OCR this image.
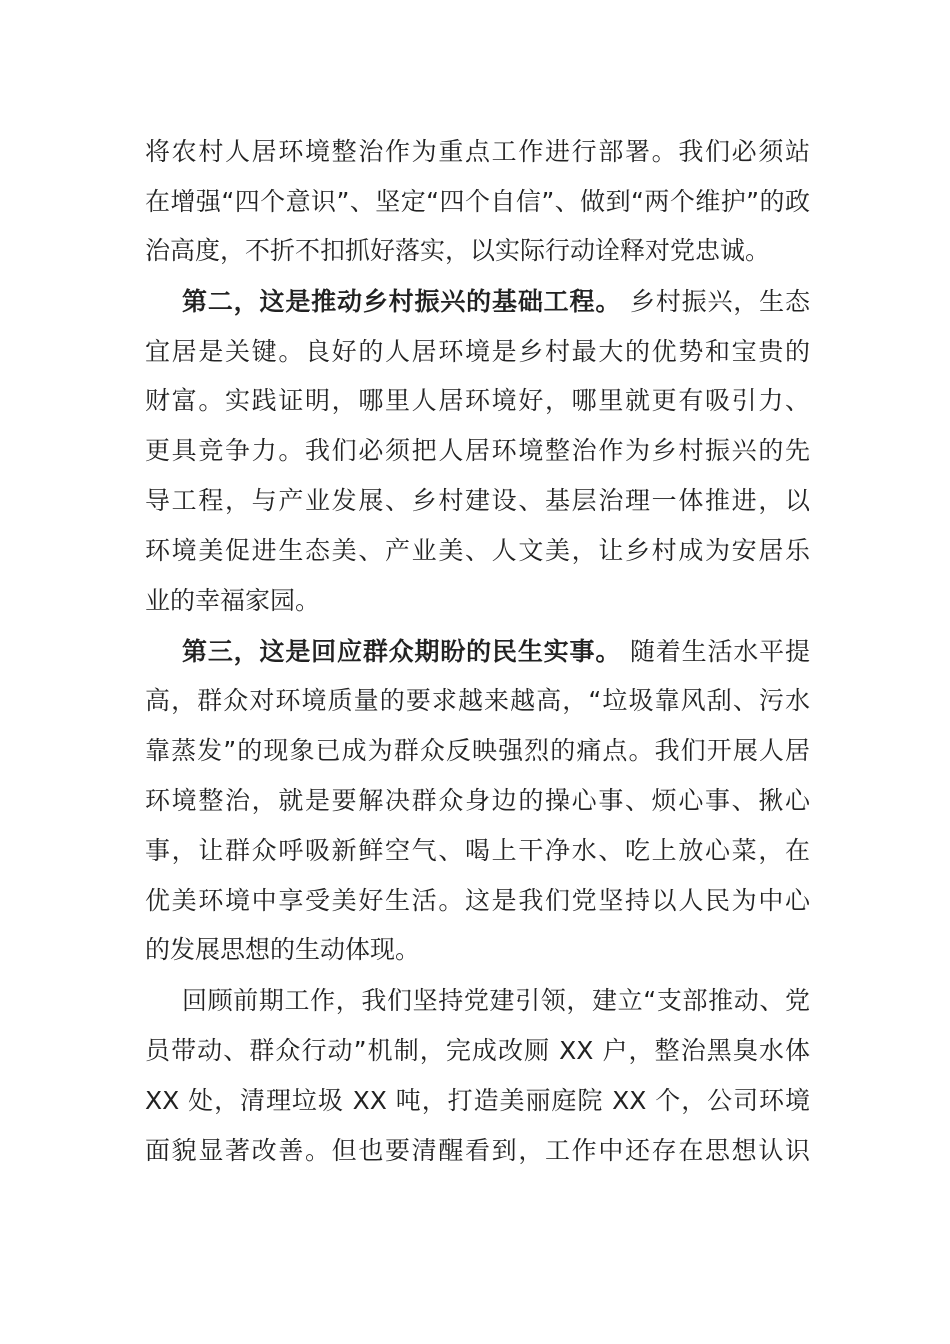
将农村人居环境整治作为重点工作进行部署。我们必须站
在增强“四个意识”、坚定“四个自信”、做到“两个维护”的政
治高度，不折不扣抓好落实，以实际行动诠释对党忠诚。
第二，这是推动乡村振兴的基础工程。 乡村振兴，生态
宜居是关键。良好的人居环境是乡村最大的优势和宝贵的
财富。实践证明，哪里人居环境好，哪里就更有吸引力、
更具竞争力。我们必须把人居环境整治作为乡村振兴的先
导工程，与产业发展、乡村建设、基层治理一体推进，以
环境美促进生态美、产业美、人文美，让乡村成为安居乐
业的幸福家园。
第三，这是回应群众期盼的民生实事。 随着生活水平提
高，群众对环境质量的要求越来越高，“垃圾靠风刮、污水
靠蒸发”的现象已成为群众反映强烈的痛点。我们开展人居
环境整治，就是要解决群众身边的操心事、烦心事、揪心
事，让群众呼吸新鲜空气、喝上干净水、吃上放心菜，在
优美环境中享受美好生活。这是我们党坚持以人民为中心
的发展思想的生动体现。
回顾前期工作，我们坚持党建引领，建立“支部推动、党
员带动、群众行动”机制，完成改厕 XX 户，整治黑臭水体
XX 处，清理垃圾 XX 吨，打造美丽庭院 XX 个，公司环境
面貌显著改善。但也要清醒看到，工作中还存在思想认识
